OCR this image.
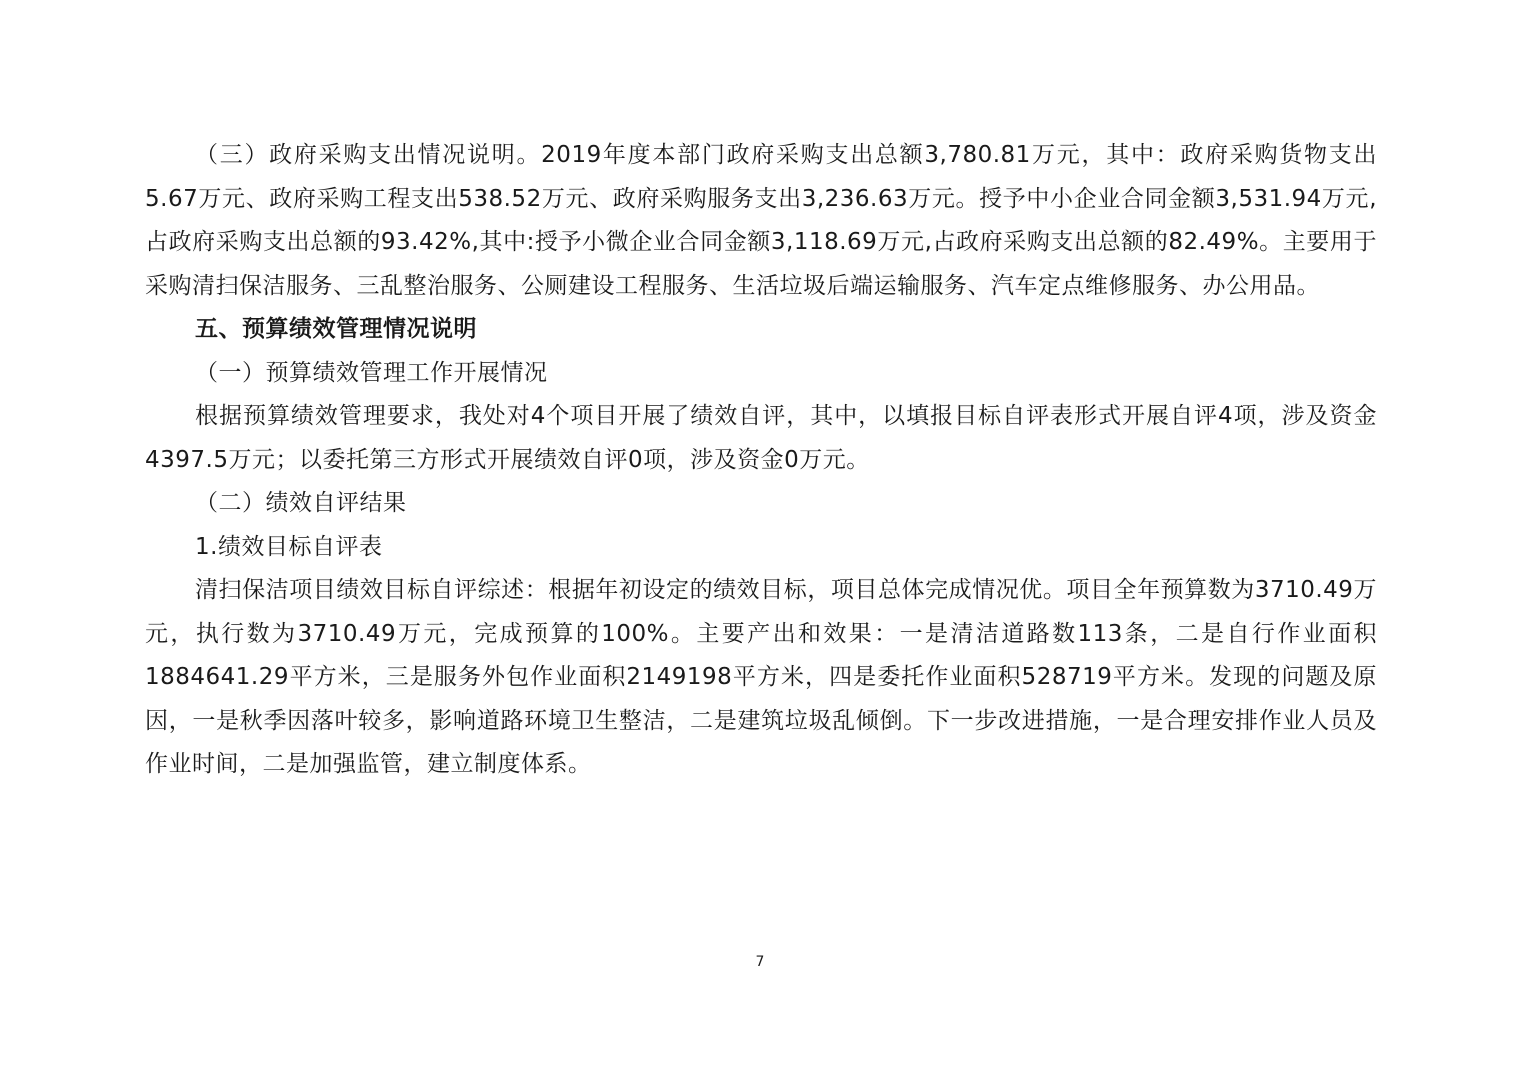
（三）政府采购支出情况说明。2019年度本部门政府采购支出总额3,780.81万元，其中：政府采购货物支出5.67万元、政府采购工程支出538.52万元、政府采购服务支出3,236.63万元。授予中小企业合同金额3,531.94万元,占政府采购支出总额的93.42%,其中:授予小微企业合同金额3,118.69万元,占政府采购支出总额的82.49%。主要用于采购清扫保洁服务、三乱整治服务、公厕建设工程服务、生活垃圾后端运输服务、汽车定点维修服务、办公用品。

五、预算绩效管理情况说明

（一）预算绩效管理工作开展情况

根据预算绩效管理要求，我处对4个项目开展了绩效自评，其中，以填报目标自评表形式开展自评4项，涉及资金4397.5万元；以委托第三方形式开展绩效自评0项，涉及资金0万元。

（二）绩效自评结果

1.绩效目标自评表

清扫保洁项目绩效目标自评综述：根据年初设定的绩效目标，项目总体完成情况优。项目全年预算数为3710.49万元，执行数为3710.49万元，完成预算的100%。主要产出和效果：一是清洁道路数113条，二是自行作业面积1884641.29平方米，三是服务外包作业面积2149198平方米，四是委托作业面积528719平方米。发现的问题及原因，一是秋季因落叶较多，影响道路环境卫生整洁，二是建筑垃圾乱倾倒。下一步改进措施，一是合理安排作业人员及作业时间，二是加强监管，建立制度体系。

7
